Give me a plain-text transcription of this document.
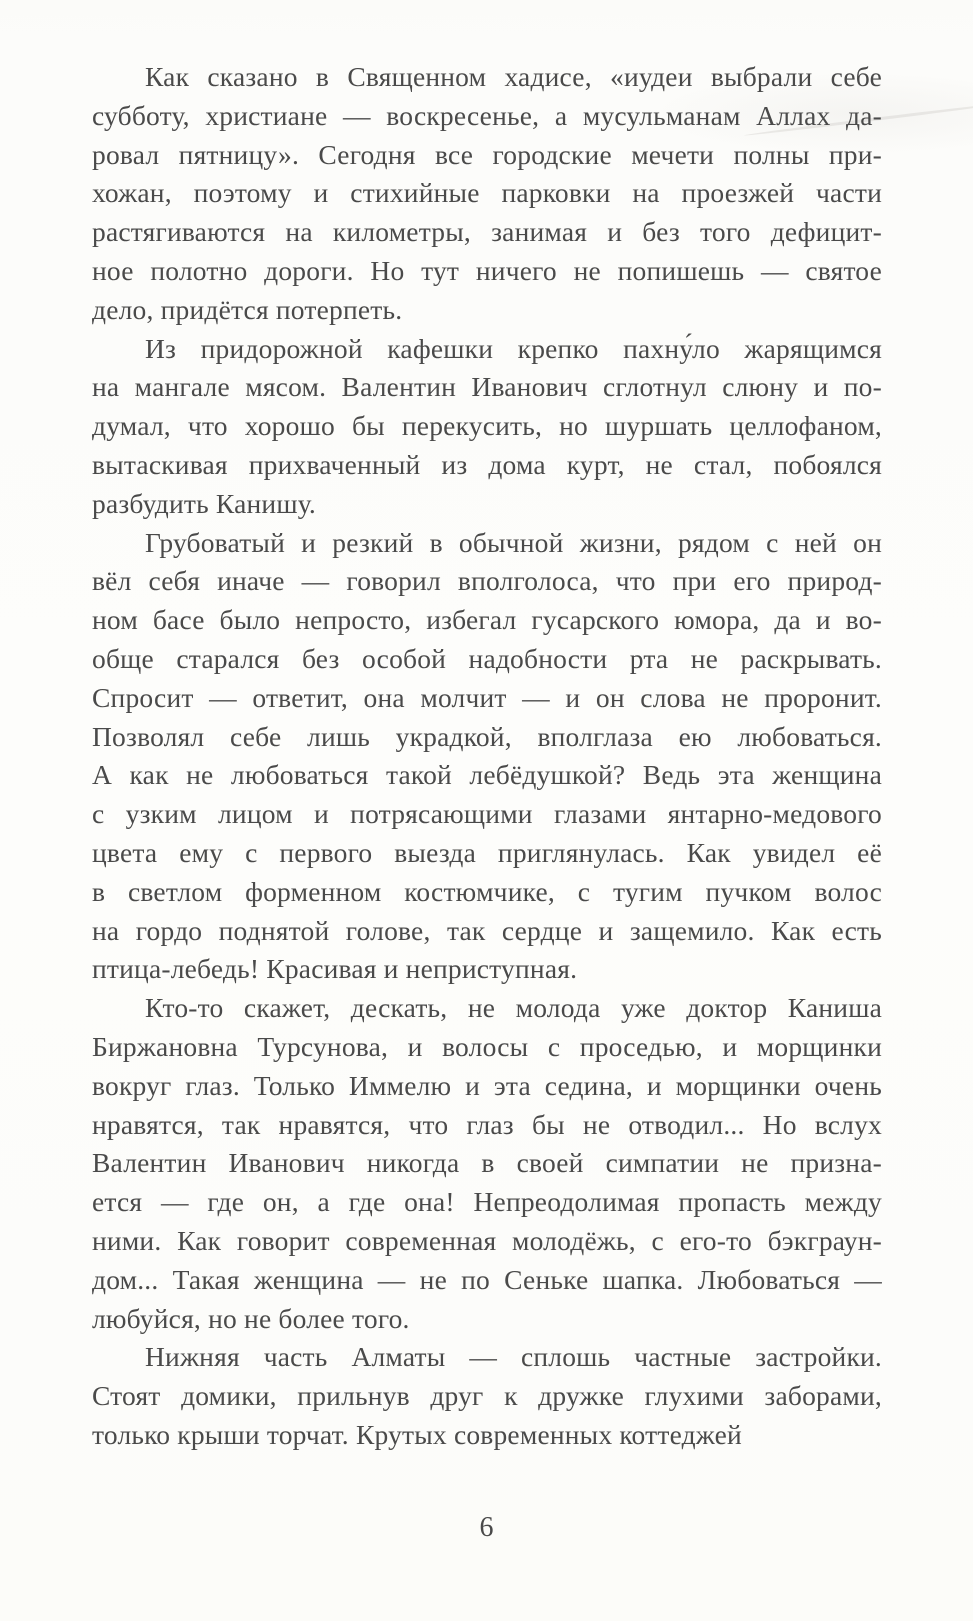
Как сказано в Священном хадисе, «иудеи выбрали себе
субботу, христиане — воскресенье, а мусульманам Аллах да-
ровал пятницу». Сегодня все городские мечети полны при-
хожан, поэтому и стихийные парковки на проезжей части
растягиваются на километры, занимая и без того дефицит-
ное полотно дороги. Но тут ничего не попишешь — святое
дело, придётся потерпеть.
Из придорожной кафешки крепко пахну́ло жарящимся
на мангале мясом. Валентин Иванович сглотнул слюну и по-
думал, что хорошо бы перекусить, но шуршать целлофаном,
вытаскивая прихваченный из дома курт, не стал, побоялся
разбудить Канишу.
Грубоватый и резкий в обычной жизни, рядом с ней он
вёл себя иначе — говорил вполголоса, что при его природ-
ном басе было непросто, избегал гусарского юмора, да и во-
обще старался без особой надобности рта не раскрывать.
Спросит — ответит, она молчит — и он слова не проронит.
Позволял себе лишь украдкой, вполглаза ею любоваться.
А как не любоваться такой лебёдушкой? Ведь эта женщина
с узким лицом и потрясающими глазами янтарно-медового
цвета ему с первого выезда приглянулась. Как увидел её
в светлом форменном костюмчике, с тугим пучком волос
на гордо поднятой голове, так сердце и защемило. Как есть
птица-лебедь! Красивая и неприступная.
Кто-то скажет, дескать, не молода уже доктор Каниша
Биржановна Турсунова, и волосы с проседью, и морщинки
вокруг глаз. Только Иммелю и эта седина, и морщинки очень
нравятся, так нравятся, что глаз бы не отводил... Но вслух
Валентин Иванович никогда в своей симпатии не призна-
ется — где он, а где она! Непреодолимая пропасть между
ними. Как говорит современная молодёжь, с его-то бэкграун-
дом... Такая женщина — не по Сеньке шапка. Любоваться —
любуйся, но не более того.
Нижняя часть Алматы — сплошь частные застройки.
Стоят домики, прильнув друг к дружке глухими заборами,
только крыши торчат. Крутых современных коттеджей
6
